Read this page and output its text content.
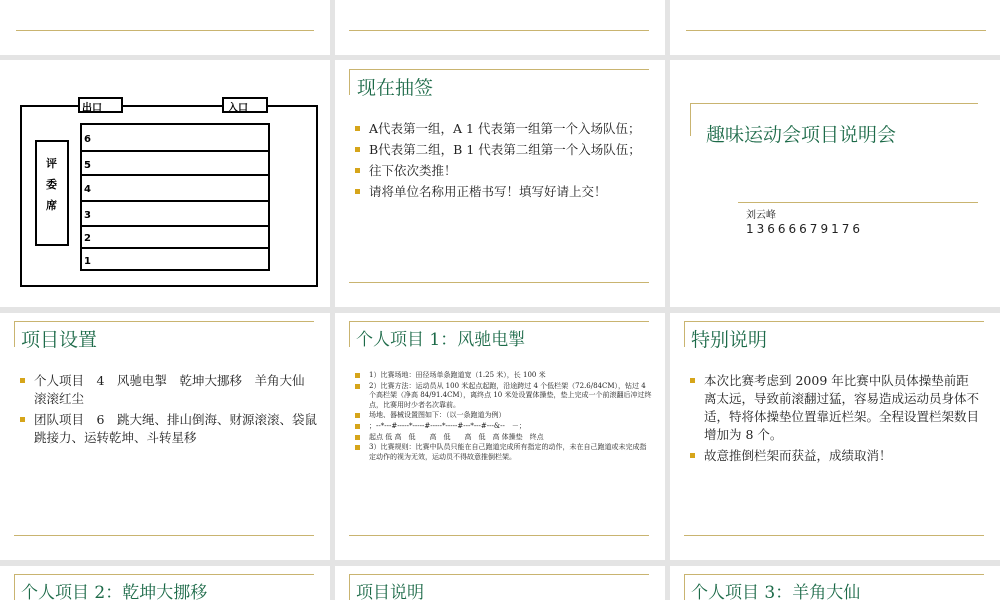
出口	入口
评委席
6
5
4
3
2
1
现在抽签
A代表第一组，A 1 代表第一组第一个入场队伍；
B代表第二组，B 1 代表第二组第一个入场队伍；
往下依次类推！
请将单位名称用正楷书写！填写好请上交！
趣味运动会项目说明会
刘云峰
13666679176
项目设置
个人项目　4　风驰电掣　乾坤大挪移　羊角大仙　　滚滚红尘
团队项目　6　跳大绳、排山倒海、财源滚滚、袋鼠跳接力、运转乾坤、斗转星移
个人项目 1：风驰电掣
1）比赛场地：田径场单条跑道宽（1.25 米），长 100 米
2）比赛方法：运动员从 100 米起点起跑，沿途跨过 4 个低栏架（72.6/84CM），钻过 4 个高栏架（净高 84/91.4CM），离终点 10 米处设置体操垫，垫上完成一个前滚翻后冲过终点，比赛用时少者名次靠前。
场地、器械设置图如下：（以一条跑道为例）
；--*---#-----*-----#-----*-----#---*---#---&--　－；
起点 低 高　低　　高　低　　高　低　高 体操垫　终点
3）比赛规则：比赛中队员只能在自己跑道完成所有指定的动作，未在自己跑道或未完成指定动作的视为无效，运动员不得故意推倒栏架。
特别说明
本次比赛考虑到 2009 年比赛中队员体操垫前距离太远，导致前滚翻过猛，容易造成运动员身体不适，特将体操垫位置靠近栏架。全程设置栏架数目增加为 8 个。
故意推倒栏架而获益，成绩取消！
个人项目 2：乾坤大挪移	项目说明	个人项目 3：羊角大仙
